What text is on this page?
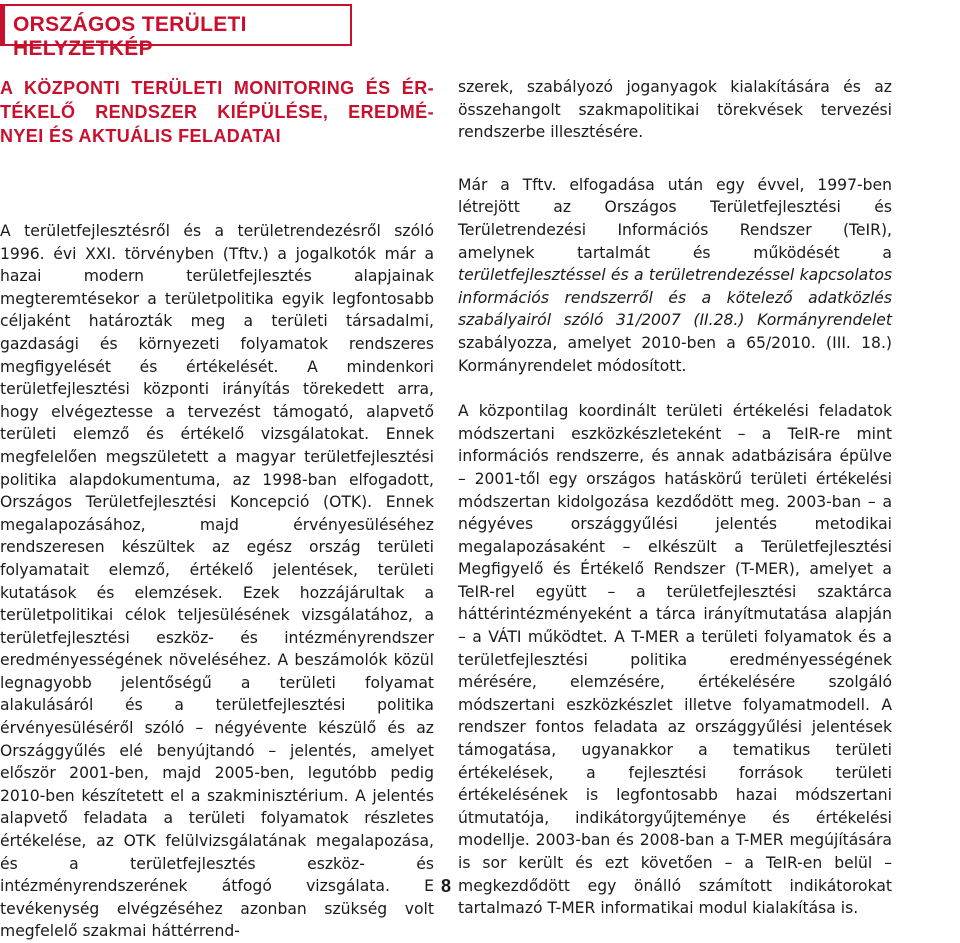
ORSZÁGOS TERÜLETI HELYZETKÉP

A KÖZPONTI TERÜLETI MONITORING ÉS ÉR-TÉKELŐ RENDSZER KIÉPÜLÉSE, EREDMÉ-NYEI ÉS AKTUÁLIS FELADATAI

A területfejlesztésről és a területrendezésről szóló 1996. évi XXI. törvényben (Tftv.) a jogalkotók már a hazai modern területfejlesztés alapjainak megteremtésekor a területpolitika egyik legfontosabb céljaként határozták meg a területi társadalmi, gazdasági és környezeti folyamatok rendszeres megfigyelését és értékelését. A mindenkori területfejlesztési központi irányítás törekedett arra, hogy elvégeztesse a tervezést támogató, alapvető területi elemző és értékelő vizsgálatokat. Ennek megfelelően megszületett a magyar területfejlesztési politika alapdokumentuma, az 1998-ban elfogadott, Országos Területfejlesztési Koncepció (OTK). Ennek megalapozásához, majd érvényesüléséhez rendszeresen készültek az egész ország területi folyamatait elemző, értékelő jelentések, területi kutatások és elemzések. Ezek hozzájárultak a területpolitikai célok teljesülésének vizsgálatához, a területfejlesztési eszköz- és intézményrendszer eredményességének növeléséhez. A beszámolók közül legnagyobb jelentőségű a területi folyamat alakulásáról és a területfejlesztési politika érvényesüléséről szóló – négyévente készülő és az Országgyűlés elé benyújtandó – jelentés, amelyet először 2001-ben, majd 2005-ben, legutóbb pedig 2010-ben készítetett el a szakminisztérium. A jelentés alapvető feladata a területi folyamatok részletes értékelése, az OTK felülvizsgálatának megalapozása, és a területfejlesztés eszköz- és intézményrendszerének átfogó vizsgálata. E tevékenység elvégzéséhez azonban szükség volt megfelelő szakmai háttérrend-

szerek, szabályozó joganyagok kialakítására és az összehangolt szakmapolitikai törekvések tervezési rendszerbe illesztésére.

Már a Tftv. elfogadása után egy évvel, 1997-ben létrejött az Országos Területfejlesztési és Területrendezési Információs Rendszer (TeIR), amelynek tartalmát és működését a területfejlesztéssel és a területrendezéssel kapcsolatos információs rendszerről és a kötelező adatközlés szabályairól szóló 31/2007 (II.28.) Kormányrendelet szabályozza, amelyet 2010-ben a 65/2010. (III. 18.) Kormányrendelet módosított.

A központilag koordinált területi értékelési feladatok módszertani eszközkészleteként – a TeIR-re mint információs rendszerre, és annak adatbázisára épülve – 2001-től egy országos hatáskörű területi értékelési módszertan kidolgozása kezdődött meg. 2003-ban – a négyéves országgyűlési jelentés metodikai megalapozásaként – elkészült a Területfejlesztési Megfigyelő és Értékelő Rendszer (T-MER), amelyet a TeIR-rel együtt – a területfejlesztési szaktárca háttérintézményeként a tárca irányítmutatása alapján – a VÁTI működtet. A T-MER a területi folyamatok és a területfejlesztési politika eredményességének mérésére, elemzésére, értékelésére szolgáló módszertani eszközkészlet illetve folyamatmodell. A rendszer fontos feladata az országgyűlési jelentések támogatása, ugyanakkor a tematikus területi értékelések, a fejlesztési források területi értékelésének is legfontosabb hazai módszertani útmutatója, indikátorgyűjteménye és értékelési modellje. 2003-ban és 2008-ban a T-MER megújítására is sor került és ezt követően – a TeIR-en belül – megkezdődött egy önálló számított indikátorokat tartalmazó T-MER informatikai modul kialakítása is.

8
